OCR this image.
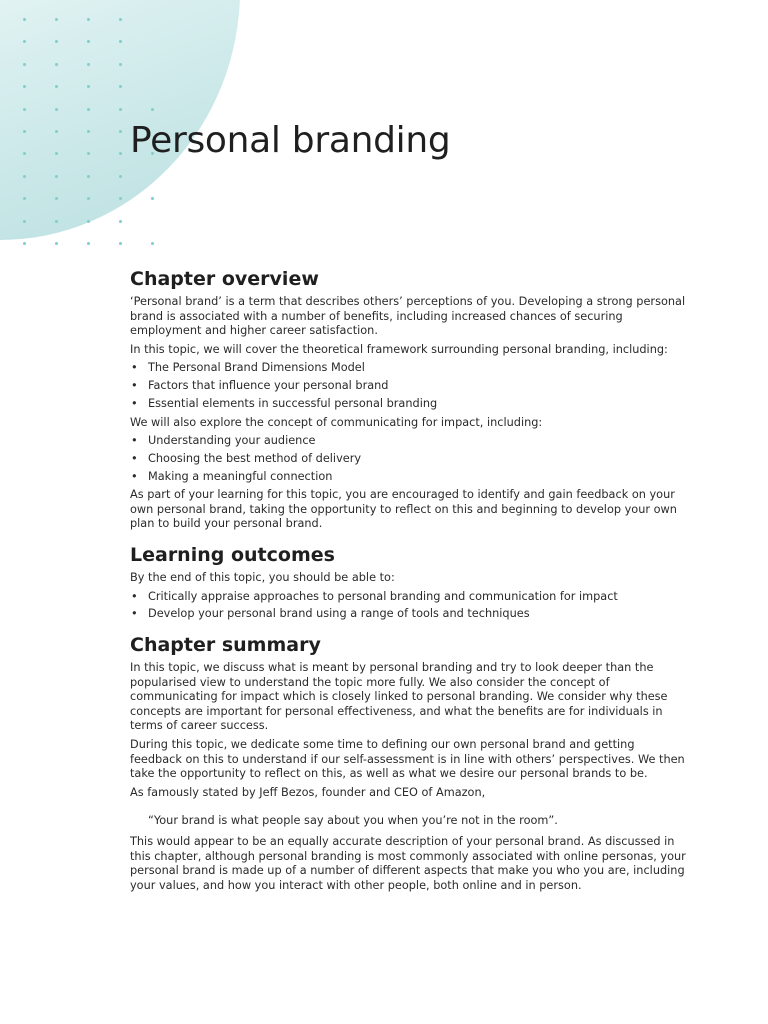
Personal branding
Chapter overview

‘Personal brand’ is a term that describes others’ perceptions of you. Developing a strong personal brand is associated with a number of benefits, including increased chances of securing employment and higher career satisfaction.

In this topic, we will cover the theoretical framework surrounding personal branding, including:

• The Personal Brand Dimensions Model
• Factors that influence your personal brand
• Essential elements in successful personal branding

We will also explore the concept of communicating for impact, including:

• Understanding your audience
• Choosing the best method of delivery
• Making a meaningful connection

As part of your learning for this topic, you are encouraged to identify and gain feedback on your own personal brand, taking the opportunity to reflect on this and beginning to develop your own plan to build your personal brand.

Learning outcomes

By the end of this topic, you should be able to:

• Critically appraise approaches to personal branding and communication for impact
• Develop your personal brand using a range of tools and techniques
Chapter summary

In this topic, we discuss what is meant by personal branding and try to look deeper than the popularised view to understand the topic more fully. We also consider the concept of communicating for impact which is closely linked to personal branding. We consider why these concepts are important for personal effectiveness, and what the benefits are for individuals in terms of career success.

During this topic, we dedicate some time to defining our own personal brand and getting feedback on this to understand if our self-assessment is in line with others’ perspectives. We then take the opportunity to reflect on this, as well as what we desire our personal brands to be.

As famously stated by Jeff Bezos, founder and CEO of Amazon,

“Your brand is what people say about you when you’re not in the room”.

This would appear to be an equally accurate description of your personal brand. As discussed in this chapter, although personal branding is most commonly associated with online personas, your personal brand is made up of a number of different aspects that make you who you are, including your values, and how you interact with other people, both online and in person.
